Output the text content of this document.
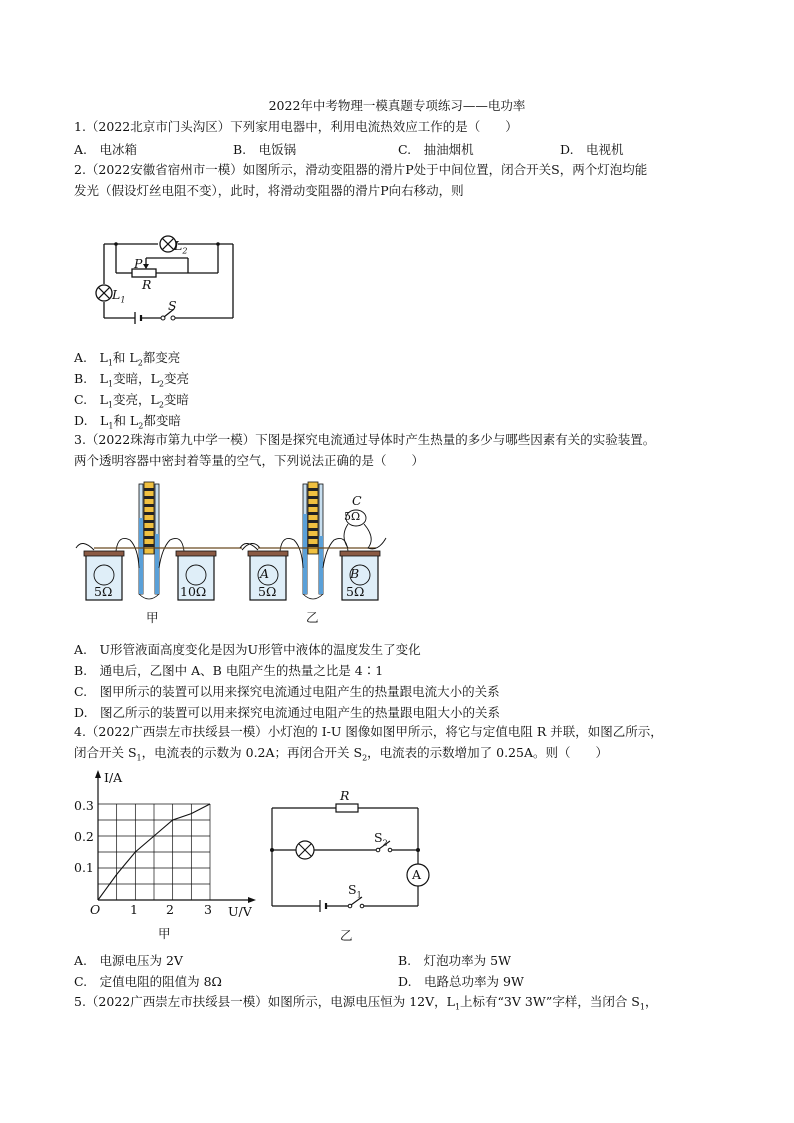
2022年中考物理一模真题专项练习——电功率
1.（2022北京市门头沟区）下列家用电器中，利用电流热效应工作的是（　　）
A.　电冰箱	B.　电饭锅	C.　抽油烟机	D.　电视机
2.（2022安徽省宿州市一模）如图所示，滑动变阻器的滑片P处于中间位置，闭合开关S，两个灯泡均能
发光（假设灯丝电阻不变），此时，将滑动变阻器的滑片P向右移动，则
$L_2$
P
R
$L_1$	S
A.　$L_1$和 $L_2$都变亮
B.　$L_1$变暗，$L_2$变亮
C.　$L_1$变亮，$L_2$变暗
D.　$L_1$和 $L_2$都变暗
3.（2022珠海市第九中学一模）下图是探究电流通过导体时产生热量的多少与哪些因素有关的实验装置。
两个透明容器中密封着等量的空气，下列说法正确的是（　　）
5Ω	10Ω
甲
A	B
5Ω	5Ω
C
5Ω
乙
A.　U形管液面高度变化是因为U形管中液体的温度发生了变化
B.　通电后，乙图中 A、B 电阻产生的热量之比是 4∶1
C.　图甲所示的装置可以用来探究电流通过电阻产生的热量跟电流大小的关系
D.　图乙所示的装置可以用来探究电流通过电阻产生的热量跟电阻大小的关系
4.（2022广西崇左市扶绥县一模）小灯泡的 I-U 图像如图甲所示，将它与定值电阻 R 并联，如图乙所示，
闭合开关 $S_1$，电流表的示数为 0.2A；再闭合开关 $S_2$，电流表的示数增加了 0.25A。则（　　）
I/A
U/V
0.3
0.2
0.1
1 2 3
O
甲
R
$S_2$
A
$S_1$
乙
A.　电源电压为 2V	B.　灯泡功率为 5W
C.　定值电阻的阻值为 8Ω	D.　电路总功率为 9W
5.（2022广西崇左市扶绥县一模）如图所示，电源电压恒为 12V，$L_1$上标有“3V 3W”字样，当闭合 $S_1$，
